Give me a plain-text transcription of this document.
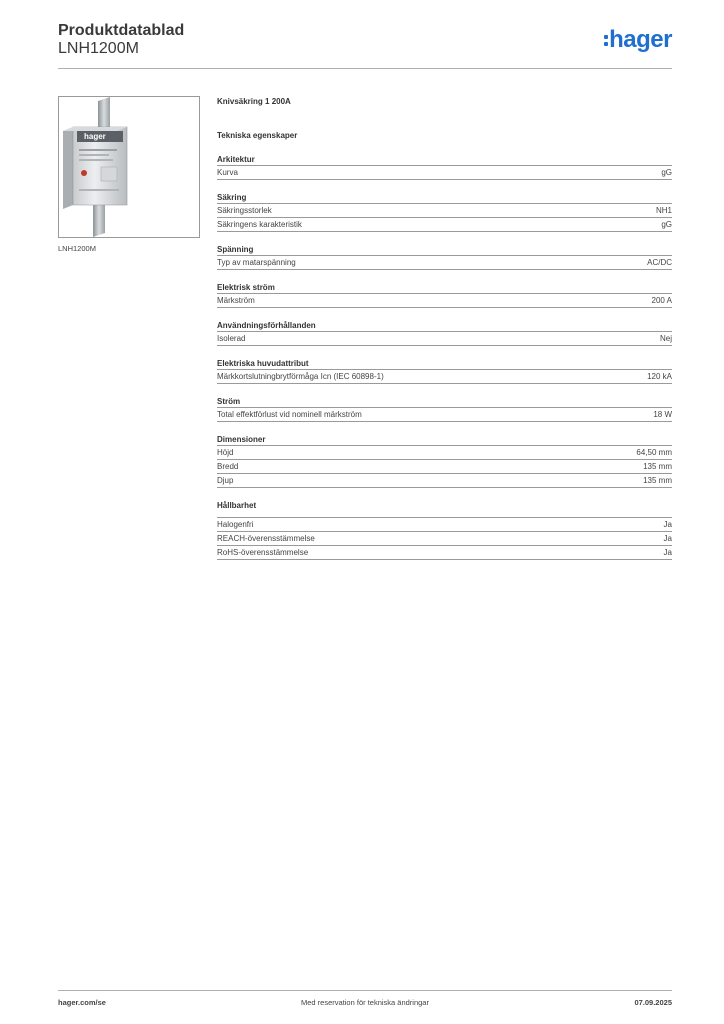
Produktdatablad
LNH1200M	hager
hager
LNH1200M
Knivsäkring 1 200A
Tekniska egenskaper
Arkitektur
Kurva	gG
Säkring
Säkringsstorlek	NH1
Säkringens karakteristik	gG
Spänning
Typ av matarspänning	AC/DC
Elektrisk ström
Märkström	200 A
Användningsförhållanden
Isolerad	Nej
Elektriska huvudattribut
Märkkortslutningbrytförmåga Icn (IEC 60898-1)	120 kA
Ström
Total effektförlust vid nominell märkström	18 W
Dimensioner
Höjd	64,50 mm
Bredd	135 mm
Djup	135 mm
Hållbarhet
Halogenfri	Ja
REACH-överensstämmelse	Ja
RoHS-överensstämmelse	Ja
hager.com/se	Med reservation för tekniska ändringar	07.09.2025
